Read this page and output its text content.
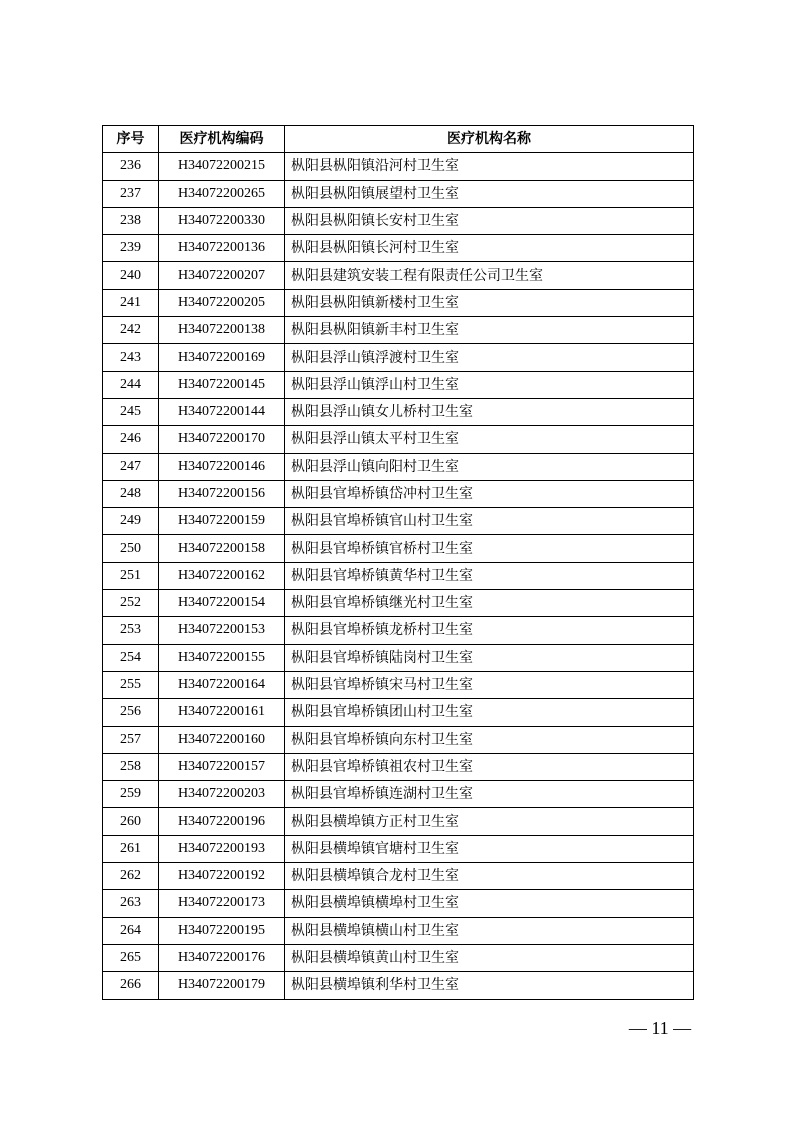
序号	医疗机构编码	医疗机构名称
236	H34072200215	枞阳县枞阳镇沿河村卫生室
237	H34072200265	枞阳县枞阳镇展望村卫生室
238	H34072200330	枞阳县枞阳镇长安村卫生室
239	H34072200136	枞阳县枞阳镇长河村卫生室
240	H34072200207	枞阳县建筑安装工程有限责任公司卫生室
241	H34072200205	枞阳县枞阳镇新楼村卫生室
242	H34072200138	枞阳县枞阳镇新丰村卫生室
243	H34072200169	枞阳县浮山镇浮渡村卫生室
244	H34072200145	枞阳县浮山镇浮山村卫生室
245	H34072200144	枞阳县浮山镇女儿桥村卫生室
246	H34072200170	枞阳县浮山镇太平村卫生室
247	H34072200146	枞阳县浮山镇向阳村卫生室
248	H34072200156	枞阳县官埠桥镇岱冲村卫生室
249	H34072200159	枞阳县官埠桥镇官山村卫生室
250	H34072200158	枞阳县官埠桥镇官桥村卫生室
251	H34072200162	枞阳县官埠桥镇黄华村卫生室
252	H34072200154	枞阳县官埠桥镇继光村卫生室
253	H34072200153	枞阳县官埠桥镇龙桥村卫生室
254	H34072200155	枞阳县官埠桥镇陆岗村卫生室
255	H34072200164	枞阳县官埠桥镇宋马村卫生室
256	H34072200161	枞阳县官埠桥镇团山村卫生室
257	H34072200160	枞阳县官埠桥镇向东村卫生室
258	H34072200157	枞阳县官埠桥镇祖农村卫生室
259	H34072200203	枞阳县官埠桥镇连湖村卫生室
260	H34072200196	枞阳县横埠镇方正村卫生室
261	H34072200193	枞阳县横埠镇官塘村卫生室
262	H34072200192	枞阳县横埠镇合龙村卫生室
263	H34072200173	枞阳县横埠镇横埠村卫生室
264	H34072200195	枞阳县横埠镇横山村卫生室
265	H34072200176	枞阳县横埠镇黄山村卫生室
266	H34072200179	枞阳县横埠镇利华村卫生室
— 11 —
